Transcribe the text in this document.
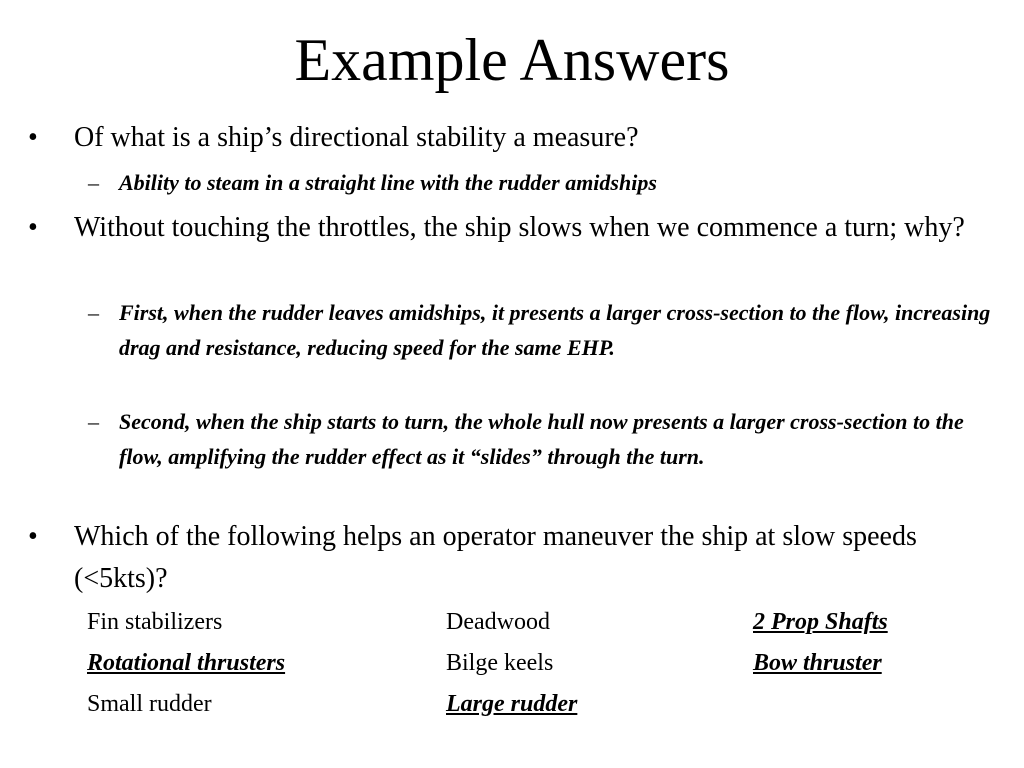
Example Answers
•	Of what is a ship’s directional stability a measure?
– Ability to steam in a straight line with the rudder amidships
•	Without touching the throttles, the ship slows when we commence a turn; why?
– First, when the rudder leaves amidships, it presents a larger cross-section to the flow, increasing drag and resistance, reducing speed for the same EHP.
– Second, when the ship starts to turn, the whole hull now presents a larger cross-section to the flow, amplifying the rudder effect as it “slides” through the turn.
•	Which of the following helps an operator maneuver the ship at slow speeds (<5kts)?
Fin stabilizers	Deadwood	2 Prop Shafts
Rotational thrusters	Bilge keels	Bow thruster
Small rudder	Large rudder
